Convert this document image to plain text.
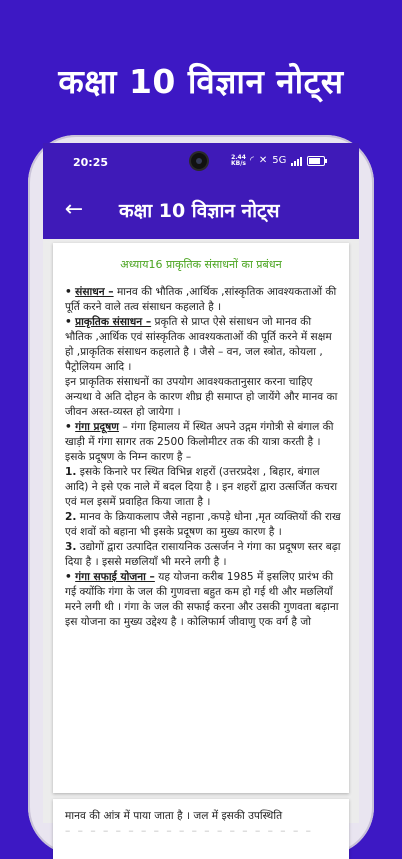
कक्षा 10 विज्ञान नोट्स
20:25	2.44
KB/s ◜ ✕ 5G
← कक्षा 10 विज्ञान नोट्स
अध्याय16 प्राकृतिक संसाधनों का प्रबंधन

• संसाधन – मानव की भौतिक ,आर्थिक ,सांस्कृतिक आवश्यकताओं की पूर्ति करने वाले तत्व संसाधन कहलाते है ।

• प्राकृतिक संसाधन – प्रकृति से प्राप्त ऐसे संसाधन जो मानव की भौतिक ,आर्थिक एवं सांस्कृतिक आवश्यकताओं की पूर्ति करने में सक्षम हो ,प्राकृतिक संसाधन कहलाते है । जैसे – वन, जल स्त्रोत, कोयला , पैट्रोलियम आदि ।

इन प्राकृतिक संसाधनों का उपयोग आवश्यकतानुसार करना चाहिए अन्यथा वे अति दोहन के कारण शीघ्र ही समाप्त हो जायेंगे और मानव का जीवन अस्त-व्यस्त हो जायेगा ।

• गंगा प्रदूषण – गंगा हिमालय में स्थित अपने उद्गम गंगोत्री से बंगाल की खाड़ी में गंगा सागर तक 2500 किलोमीटर तक की यात्रा करती है । इसके प्रदूषण के निम्न कारण है –

1. इसके किनारे पर स्थित विभिन्न शहरों (उत्तरप्रदेश , बिहार, बंगाल आदि) ने इसे एक नाले में बदल दिया है । इन शहरों द्वारा उत्सर्जित कचरा एवं मल इसमें प्रवाहित किया जाता है ।

2. मानव के क्रियाकलाप जैसे नहाना ,कपड़े धोना ,मृत व्यक्तियों की राख एवं शवों को बहाना भी इसके प्रदूषण का मुख्य कारण है ।

3. उद्योगों द्वारा उत्पादित रासायनिक उत्सर्जन ने गंगा का प्रदूषण स्तर बढ़ा दिया है । इससे मछलियाँ भी मरने लगी है ।

• गंगा सफाई योजना – यह योजना करीब 1985 में इसलिए प्रारंभ की गई क्योंकि गंगा के जल की गुणवत्ता बहुत कम हो गई थी और मछलियाँ मरने लगी थी । गंगा के जल की सफाई करना और उसकी गुणवता बढ़ाना इस योजना का मुख्य उद्देश्य है । कोलिफार्म जीवाणु एक वर्ग है जो

मानव की आंत्र में पाया जाता है । जल में इसकी उपस्थिति
– – – – – – – – – – – – – – – – – – – –
